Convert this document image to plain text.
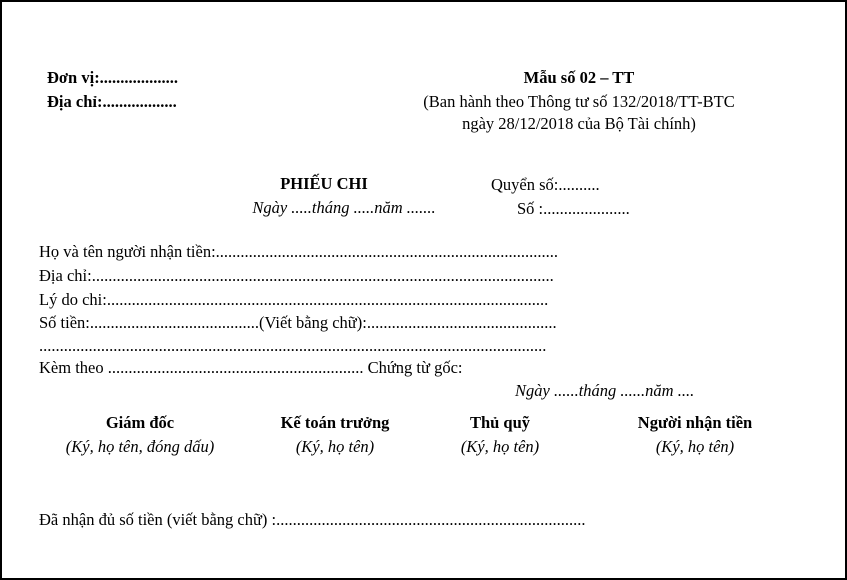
Đơn vị:...................
Địa chỉ:..................
Mẫu số 02 – TT
(Ban hành theo Thông tư số 132/2018/TT-BTC
ngày 28/12/2018 của Bộ Tài chính)
PHIẾU CHI
Ngày .....tháng .....năm .......
Quyển số:..........
Số :.....................
Họ và tên người nhận tiền:...................................................................................
Địa chỉ:................................................................................................................
Lý do chi:...........................................................................................................
Số tiền:.........................................(Viết bằng chữ):..............................................
...........................................................................................................................
Kèm theo .............................................................. Chứng từ gốc:
Ngày ......tháng ......năm ....
Giám đốc
(Ký, họ tên, đóng dấu)
Kế toán trưởng
(Ký, họ tên)
Thủ quỹ
(Ký, họ tên)
Người nhận tiền
(Ký, họ tên)
Đã nhận đủ số tiền (viết bằng chữ) :...........................................................................
